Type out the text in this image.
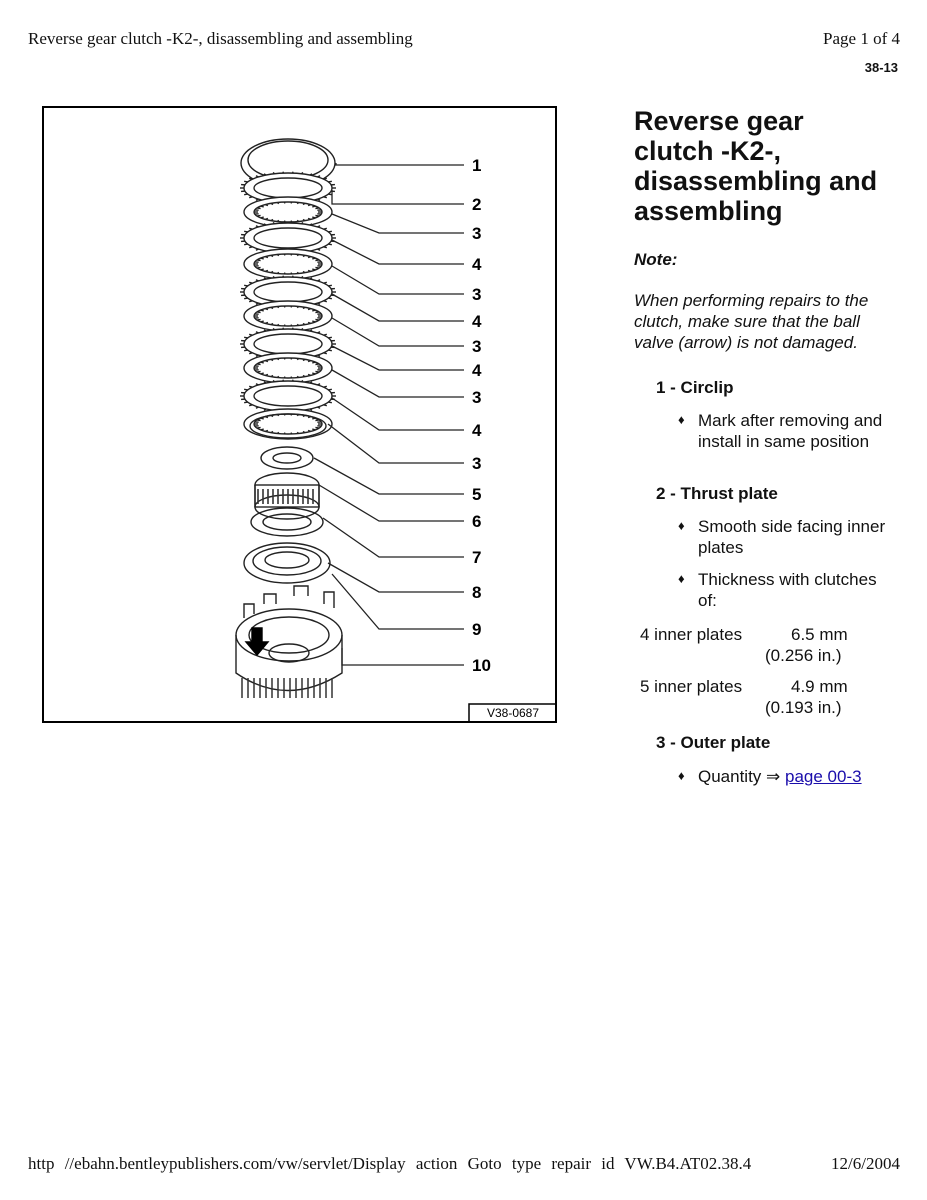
Reverse gear clutch -K2-, disassembling and assembling	Page 1 of 4
38-13
1
2
3
4
3
4
3
4
3
4
3
5
6
7
8
9
10
V38-0687
Reverse gear
clutch -K2-,
disassembling and
assembling
Note:
When performing repairs to the clutch, make sure that the ball valve (arrow) is not damaged.
1 - Circlip
♦ Mark after removing and install in same position
2 - Thrust plate
♦ Smooth side facing inner plates
♦ Thickness with clutches of:
4 inner plates	6.5 mm
(0.256 in.)
5 inner plates	4.9 mm
(0.193 in.)
3 - Outer plate
♦ Quantity ⇒ page 00-3
http //ebahn.bentleypublishers.com/vw/servlet/Display action Goto type repair id VW.B4.AT02.38.4	12/6/2004
